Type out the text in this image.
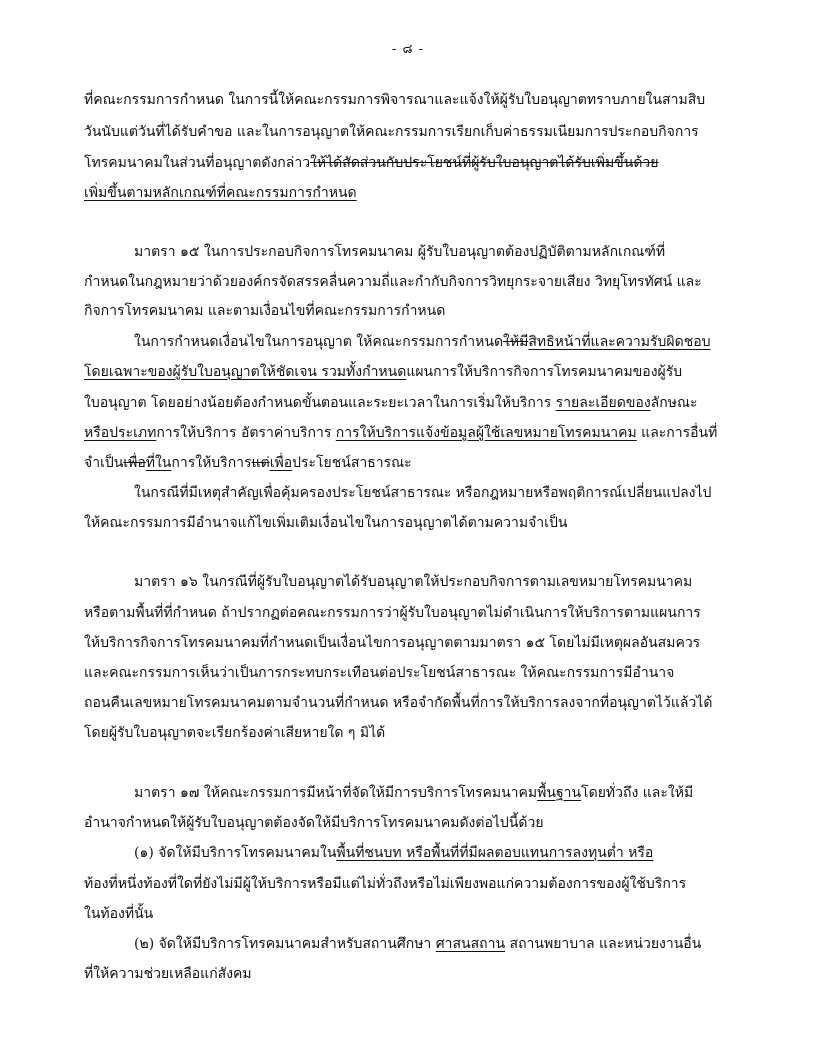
- ๘ -
ที่คณะกรรมการกำหนด ในการนี้ให้คณะกรรมการพิจารณาและแจ้งให้ผู้รับใบอนุญาตทราบภายในสามสิบ
วันนับแต่วันที่ได้รับคำขอ และในการอนุญาตให้คณะกรรมการเรียกเก็บค่าธรรมเนียมการประกอบกิจการ
โทรคมนาคมในส่วนที่อนุญาตดังกล่าวให้ได้สัดส่วนกับประโยชน์ที่ผู้รับใบอนุญาตได้รับเพิ่มขึ้นด้วย
เพิ่มขึ้นตามหลักเกณฑ์ที่คณะกรรมการกำหนด
มาตรา ๑๕ ในการประกอบกิจการโทรคมนาคม ผู้รับใบอนุญาตต้องปฏิบัติตามหลักเกณฑ์ที่
กำหนดในกฎหมายว่าด้วยองค์กรจัดสรรคลื่นความถี่และกำกับกิจการวิทยุกระจายเสียง วิทยุโทรทัศน์ และ
กิจการโทรคมนาคม และตามเงื่อนไขที่คณะกรรมการกำหนด
ในการกำหนดเงื่อนไขในการอนุญาต ให้คณะกรรมการกำหนดให้มีสิทธิหน้าที่และความรับผิดชอบ
โดยเฉพาะของผู้รับใบอนุญาตให้ชัดเจน รวมทั้งกำหนดแผนการให้บริการกิจการโทรคมนาคมของผู้รับ
ใบอนุญาต โดยอย่างน้อยต้องกำหนดขั้นตอนและระยะเวลาในการเริ่มให้บริการ รายละเอียดของลักษณะ
หรือประเภทการให้บริการ อัตราค่าบริการ การให้บริการแจ้งข้อมูลผู้ใช้เลขหมายโทรคมนาคม และการอื่นที่
จำเป็นเพื่อที่ในการให้บริการแต่เพื่อประโยชน์สาธารณะ
ในกรณีที่มีเหตุสำคัญเพื่อคุ้มครองประโยชน์สาธารณะ หรือกฎหมายหรือพฤติการณ์เปลี่ยนแปลงไป
ให้คณะกรรมการมีอำนาจแก้ไขเพิ่มเติมเงื่อนไขในการอนุญาตได้ตามความจำเป็น
มาตรา ๑๖ ในกรณีที่ผู้รับใบอนุญาตได้รับอนุญาตให้ประกอบกิจการตามเลขหมายโทรคมนาคม
หรือตามพื้นที่ที่กำหนด ถ้าปรากฏต่อคณะกรรมการว่าผู้รับใบอนุญาตไม่ดำเนินการให้บริการตามแผนการ
ให้บริการกิจการโทรคมนาคมที่กำหนดเป็นเงื่อนไขการอนุญาตตามมาตรา ๑๕ โดยไม่มีเหตุผลอันสมควร
และคณะกรรมการเห็นว่าเป็นการกระทบกระเทือนต่อประโยชน์สาธารณะ ให้คณะกรรมการมีอำนาจ
ถอนคืนเลขหมายโทรคมนาคมตามจำนวนที่กำหนด หรือจำกัดพื้นที่การให้บริการลงจากที่อนุญาตไว้แล้วได้
โดยผู้รับใบอนุญาตจะเรียกร้องค่าเสียหายใด ๆ มิได้
มาตรา ๑๗ ให้คณะกรรมการมีหน้าที่จัดให้มีการบริการโทรคมนาคมพื้นฐานโดยทั่วถึง และให้มี
อำนาจกำหนดให้ผู้รับใบอนุญาตต้องจัดให้มีบริการโทรคมนาคมดังต่อไปนี้ด้วย
(๑) จัดให้มีบริการโทรคมนาคมในพื้นที่ชนบท หรือพื้นที่ที่มีผลตอบแทนการลงทุนต่ำ หรือ
ท้องที่หนึ่งท้องที่ใดที่ยังไม่มีผู้ให้บริการหรือมีแต่ไม่ทั่วถึงหรือไม่เพียงพอแก่ความต้องการของผู้ใช้บริการ
ในท้องที่นั้น
(๒) จัดให้มีบริการโทรคมนาคมสำหรับสถานศึกษา ศาสนสถาน สถานพยาบาล และหน่วยงานอื่น
ที่ให้ความช่วยเหลือแก่สังคม
